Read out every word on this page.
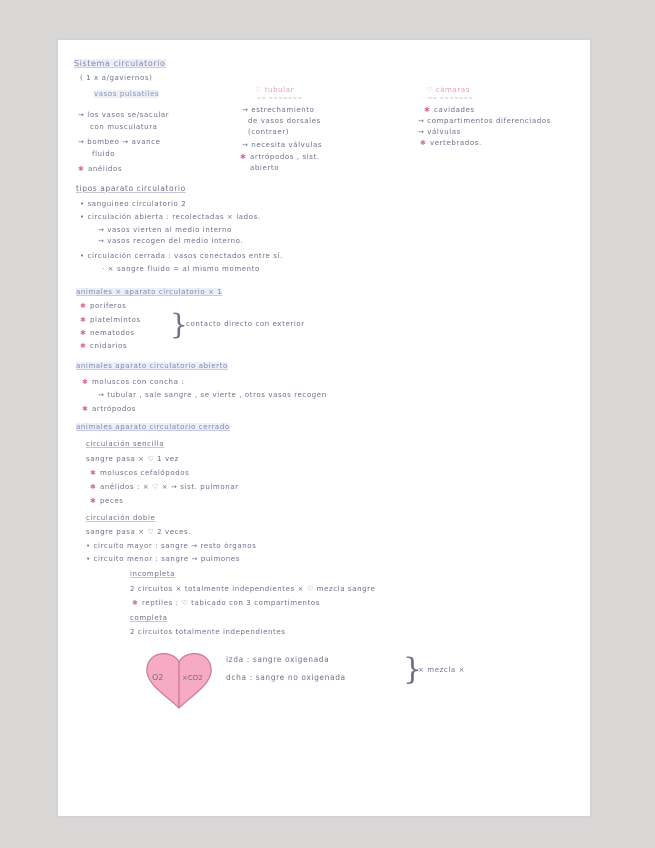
Sistema circulatorio
( 1 x a/gaviernos)
vasos pulsatiles
→ los vasos se/sacular
con musculatura
→ bombeo → avance
fluido
✱ anélidos
♡ tubular
~~ ~~~~~~~
→ estrechamiento
de vasos dorsales
(contraer)
→ necesita válvulas
✱ artrópodos , sist.
abierto
♡ cámaras
~~ ~~~~~~~
✱ cavidades
→ compartimentos diferenciados
→ válvulas
✱ vertebrados.
tipos aparato circulatorio
• sanguineo circulatorio 2
• circulación abierta : recolectadas × lados.
→ vasos vierten al medio interno
→ vasos recogen del medio interno.
• circulación cerrada : vasos conectados entre sí.
· × sangre fluido = al mismo momento
animales × aparato circulatorio × 1
✱ poríferos
✱ platelmintos
✱ nematodos
✱ cnidarios
}
contacto directo con exterior
animales aparato circulatorio abierto
✱ moluscos con concha :
→ tubular , sale sangre , se vierte , otros vasos recogen
✱ artrópodos
animales aparato circulatorio cerrado
circulación sencilla
sangre pasa × ♡ 1 vez
✱ moluscos cefalópodos
✱ anélidos : × ♡ × → sist. pulmonar
✱ peces
circulación doble
sangre pasa × ♡ 2 veces.
• circuito mayor : sangre → resto órganos
• circuito menor : sangre → pulmones
incompleta
2 circuitos × totalmente independientes × ♡ mezcla sangre
✱ reptiles : ♡ tabicado con 3 compartimentos
completa
2 circuitos totalmente independientes
O2	×CO2
izda : sangre oxigenada
dcha : sangre no oxigenada }
× mezcla ×
